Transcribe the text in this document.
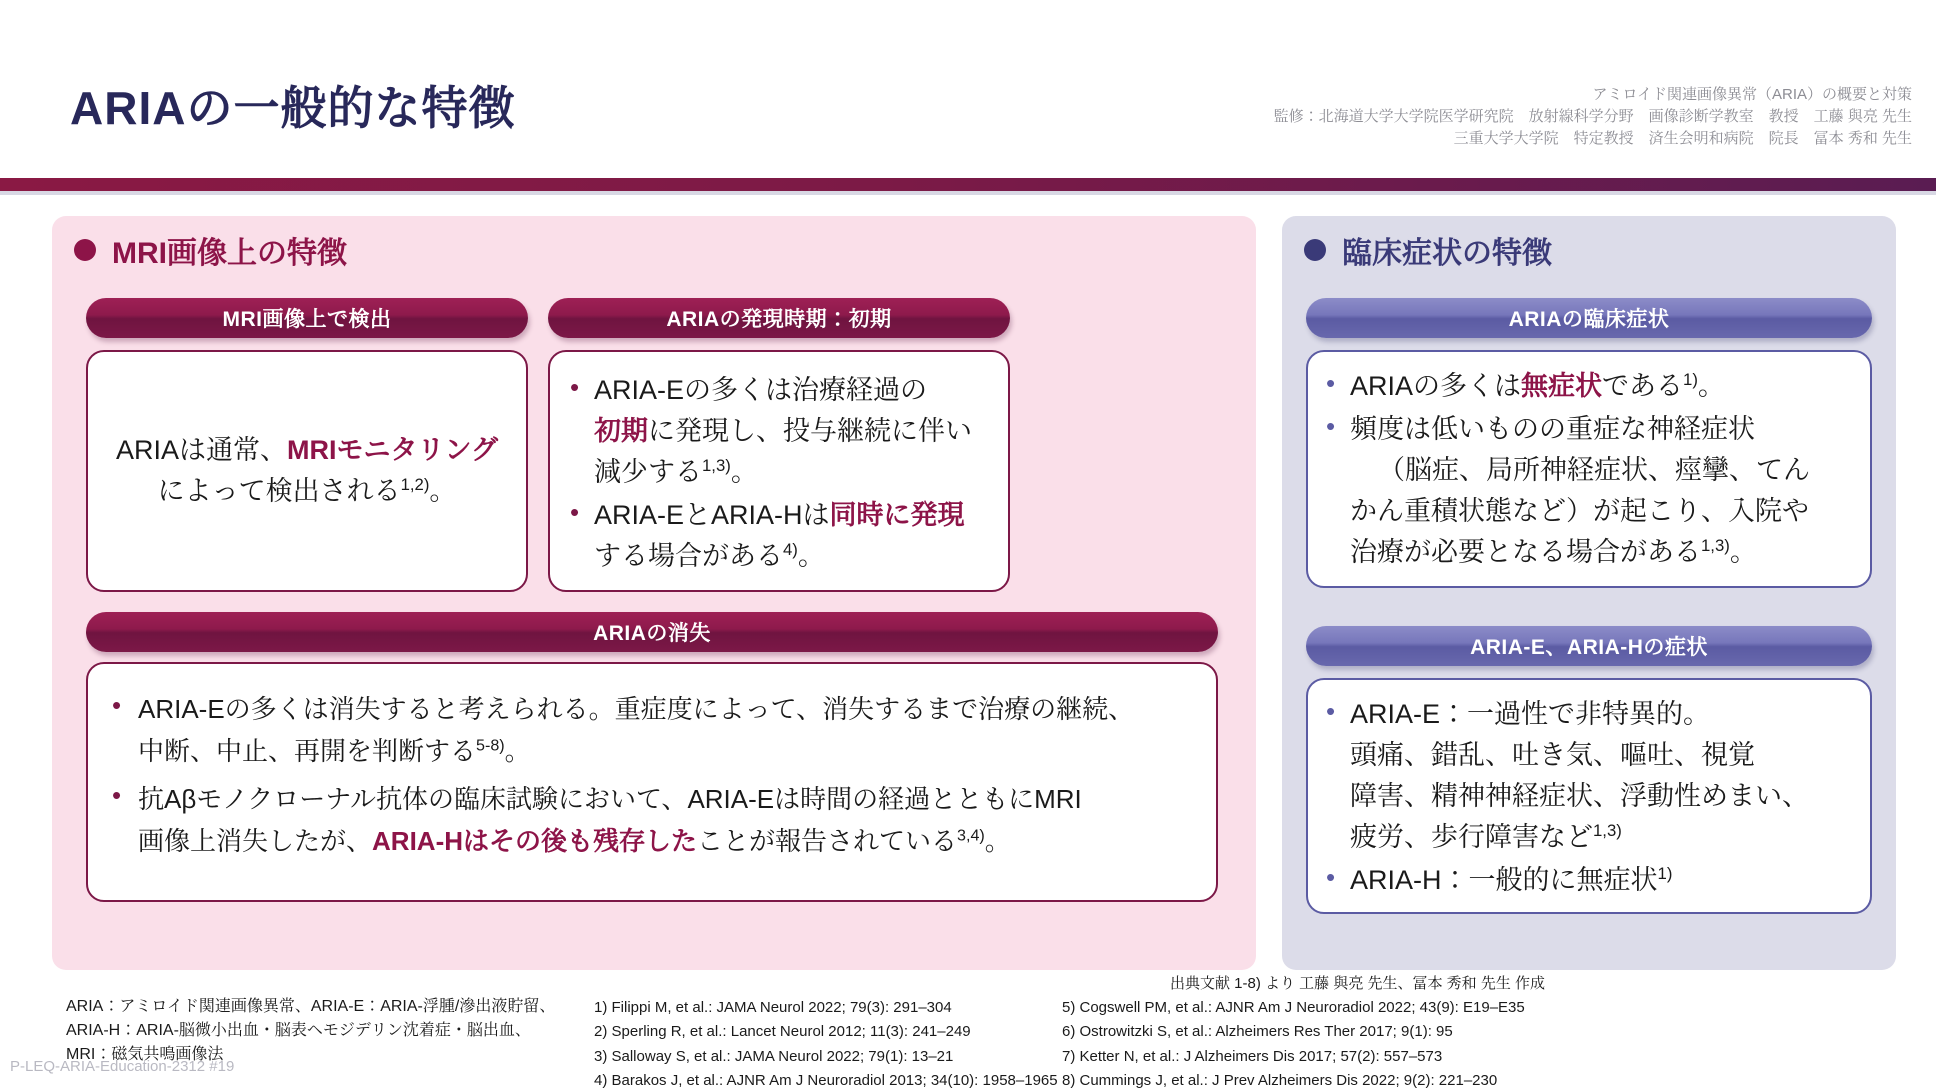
ARIAの一般的な特徴	アミロイド関連画像異常（ARIA）の概要と対策
監修：北海道大学大学院医学研究院　放射線科学分野　画像診断学教室　教授　工藤 與亮 先生
三重大学大学院　特定教授　済生会明和病院　院長　冨本 秀和 先生
MRI画像上の特徴
MRI画像上で検出
ARIAは通常、MRIモニタリング
によって検出される$^{1,2)}$。
ARIAの発現時期：初期
• ARIA-Eの多くは治療経過の
初期に発現し、投与継続に伴い
減少する$^{1,3)}$。
• ARIA-EとARIA-Hは同時に発現
する場合がある$^{4)}$。
ARIAの消失
• ARIA-Eの多くは消失すると考えられる。重症度によって、消失するまで治療の継続、
中断、中止、再開を判断する$^{5-8)}$。
• 抗Aβモノクローナル抗体の臨床試験において、ARIA-Eは時間の経過とともにMRI
画像上消失したが、ARIA-Hはその後も残存したことが報告されている$^{3,4)}$。
臨床症状の特徴
ARIAの臨床症状
• ARIAの多くは無症状である$^{1)}$。
• 頻度は低いものの重症な神経症状

（脳症、局所神経症状、痙攣、てん
かん重積状態など）が起こり、入院や
治療が必要となる場合がある$^{1,3)}$。
ARIA-E、ARIA-Hの症状
• ARIA-E：一過性で非特異的。
頭痛、錯乱、吐き気、嘔吐、視覚
障害、精神神経症状、浮動性めまい、
疲労、歩行障害など$^{1,3)}$
• ARIA-H：一般的に無症状$^{1)}$
出典文献 1-8) より 工藤 與亮 先生、冨本 秀和 先生 作成
ARIA：アミロイド関連画像異常、ARIA-E：ARIA-浮腫/滲出液貯留、
ARIA-H：ARIA-脳微小出血・脳表ヘモジデリン沈着症・脳出血、
MRI：磁気共鳴画像法
1) Filippi M, et al.: JAMA Neurol 2022; 79(3): 291–304
2) Sperling R, et al.: Lancet Neurol 2012; 11(3): 241–249
3) Salloway S, et al.: JAMA Neurol 2022; 79(1): 13–21
4) Barakos J, et al.: AJNR Am J Neuroradiol 2013; 34(10): 1958–1965
5) Cogswell PM, et al.: AJNR Am J Neuroradiol 2022; 43(9): E19–E35
6) Ostrowitzki S, et al.: Alzheimers Res Ther 2017; 9(1): 95
7) Ketter N, et al.: J Alzheimers Dis 2017; 57(2): 557–573
8) Cummings J, et al.: J Prev Alzheimers Dis 2022; 9(2): 221–230
P-LEQ-ARIA-Education-2312 #19
